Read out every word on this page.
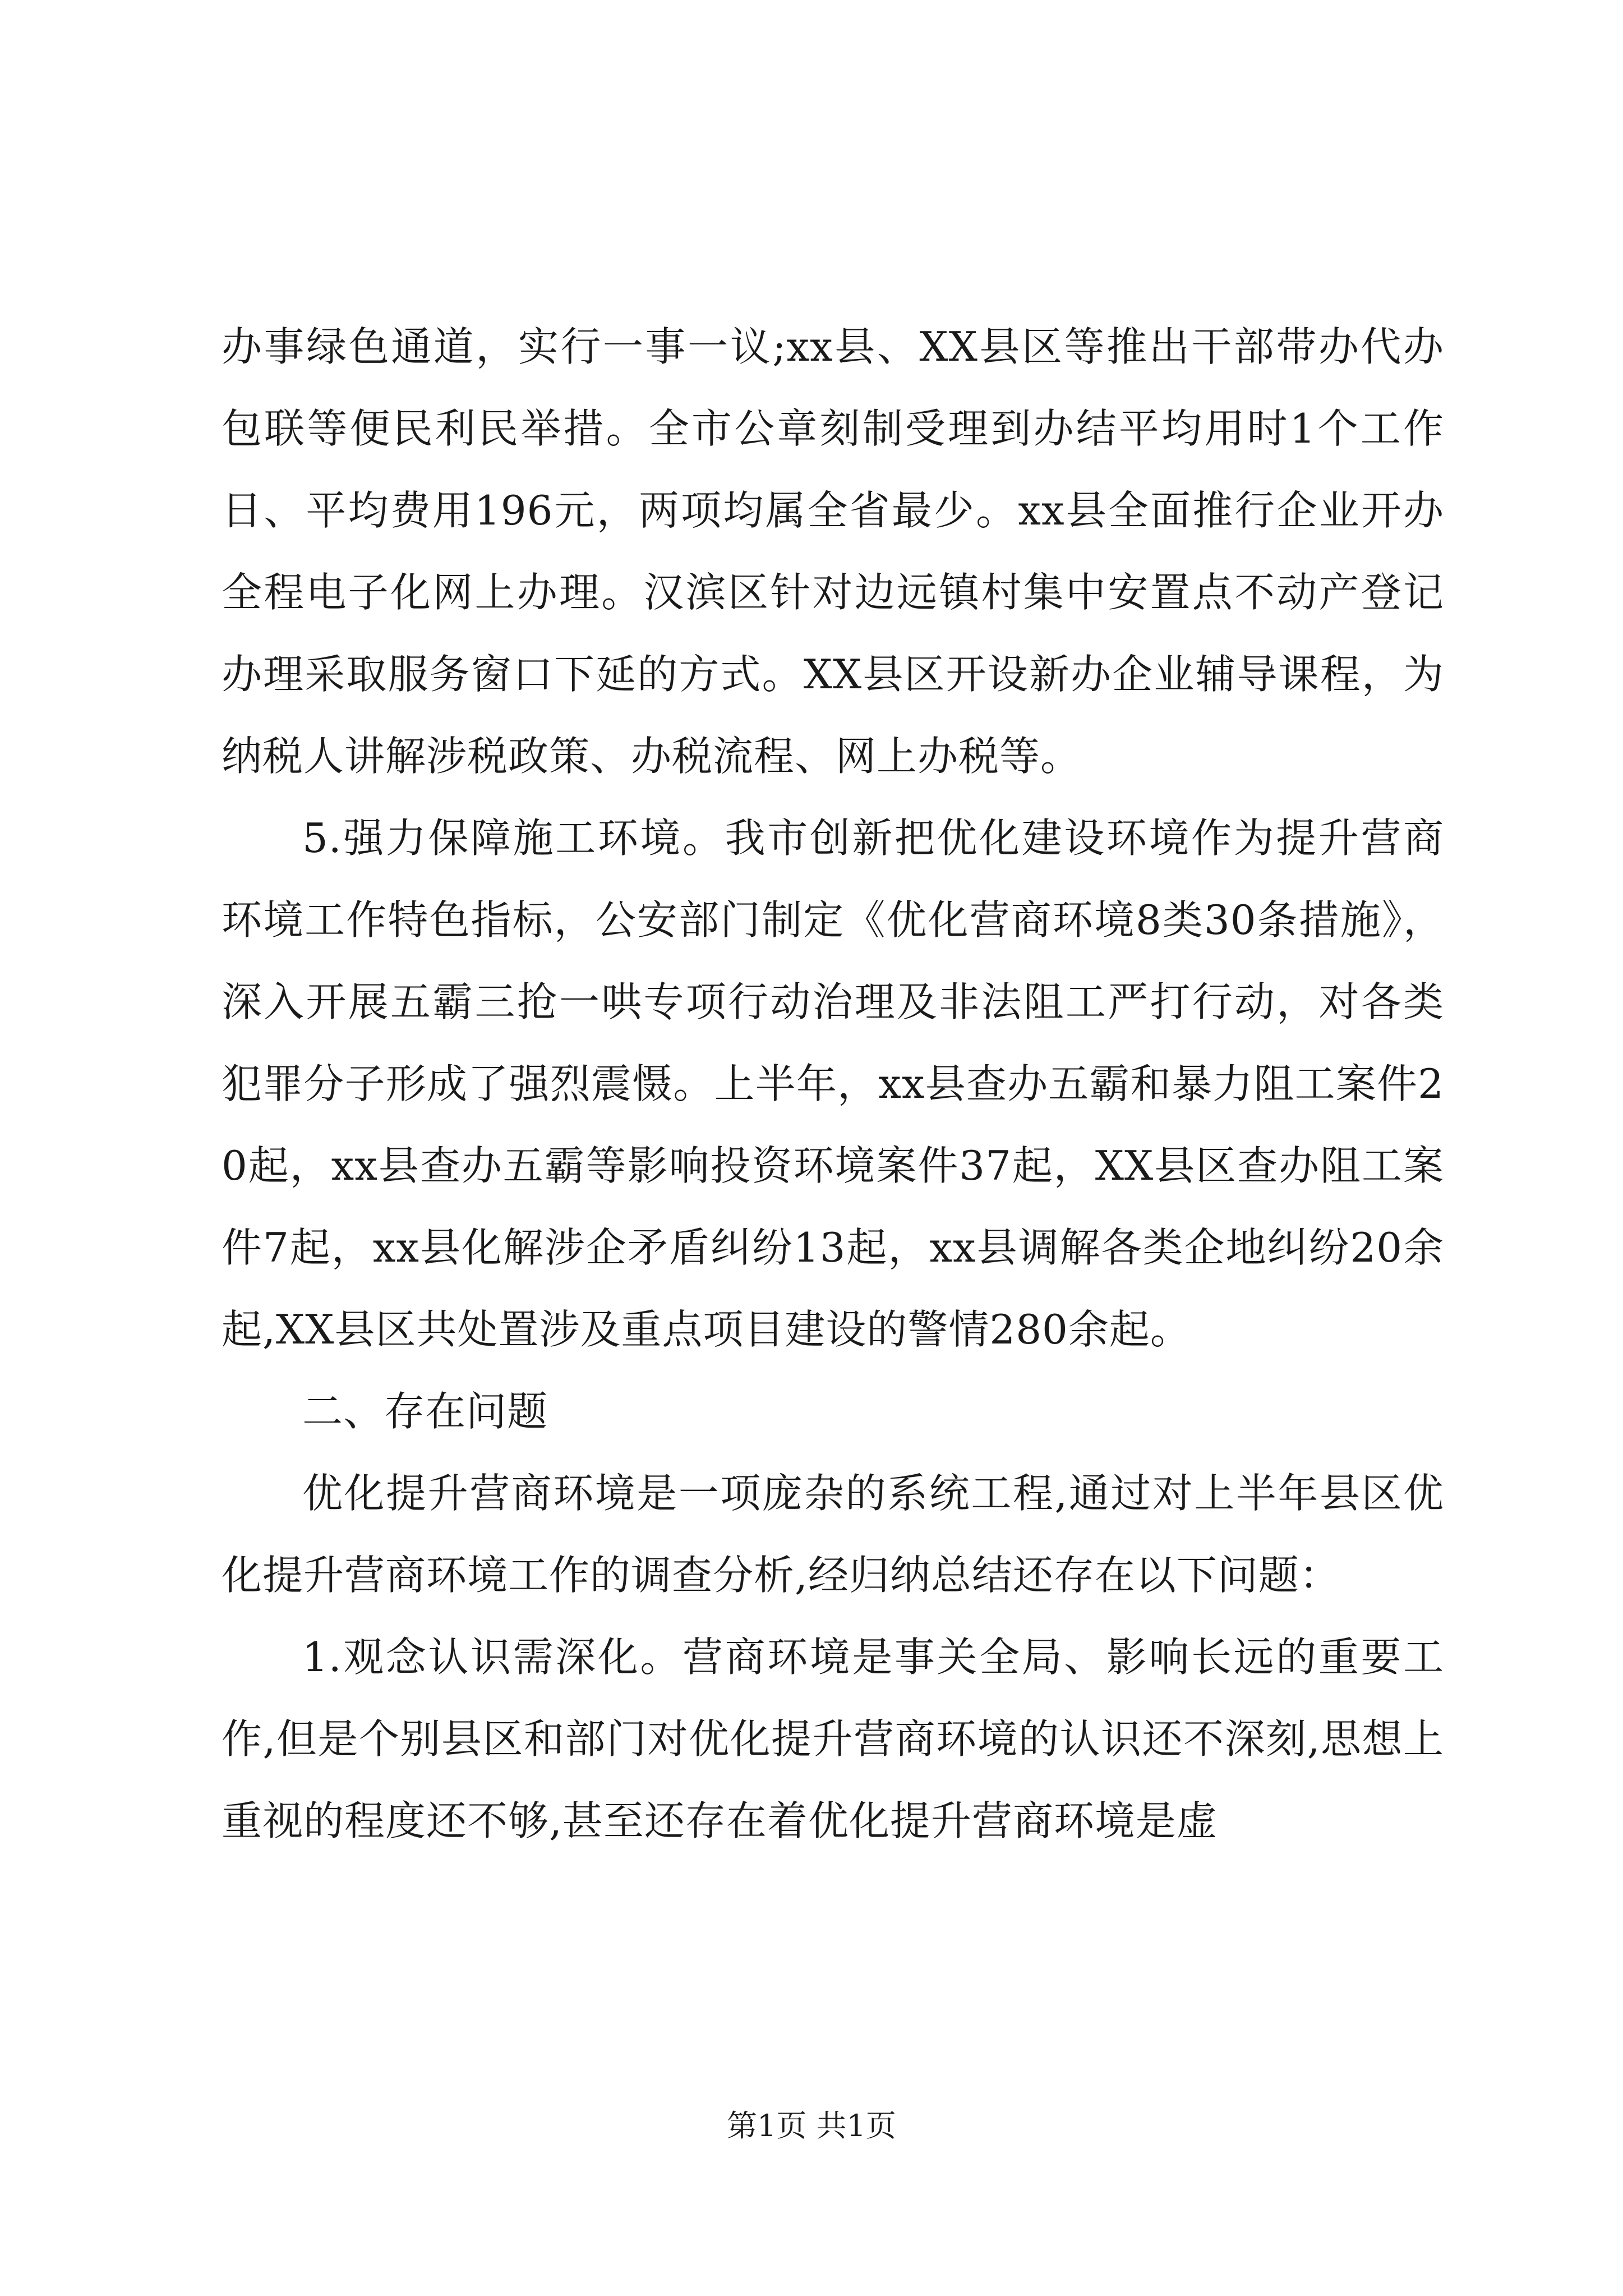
办事绿色通道，实行一事一议;xx县、XX县区等推出干部带办代办包联等便民利民举措。全市公章刻制受理到办结平均用时1个工作日、平均费用196元，两项均属全省最少。xx县全面推行企业开办全程电子化网上办理。汉滨区针对边远镇村集中安置点不动产登记办理采取服务窗口下延的方式。XX县区开设新办企业辅导课程，为纳税人讲解涉税政策、办税流程、网上办税等。

5.强力保障施工环境。我市创新把优化建设环境作为提升营商环境工作特色指标，公安部门制定《优化营商环境8类30条措施》，深入开展五霸三抢一哄专项行动治理及非法阻工严打行动，对各类犯罪分子形成了强烈震慑。上半年，xx县查办五霸和暴力阻工案件20起，xx县查办五霸等影响投资环境案件37起，XX县区查办阻工案件7起，xx县化解涉企矛盾纠纷13起，xx县调解各类企地纠纷20余起,XX县区共处置涉及重点项目建设的警情280余起。

二、存在问题

优化提升营商环境是一项庞杂的系统工程,通过对上半年县区优化提升营商环境工作的调查分析,经归纳总结还存在以下问题：

1.观念认识需深化。营商环境是事关全局、影响长远的重要工作,但是个别县区和部门对优化提升营商环境的认识还不深刻,思想上重视的程度还不够,甚至还存在着优化提升营商环境是虚

第1页 共1页
